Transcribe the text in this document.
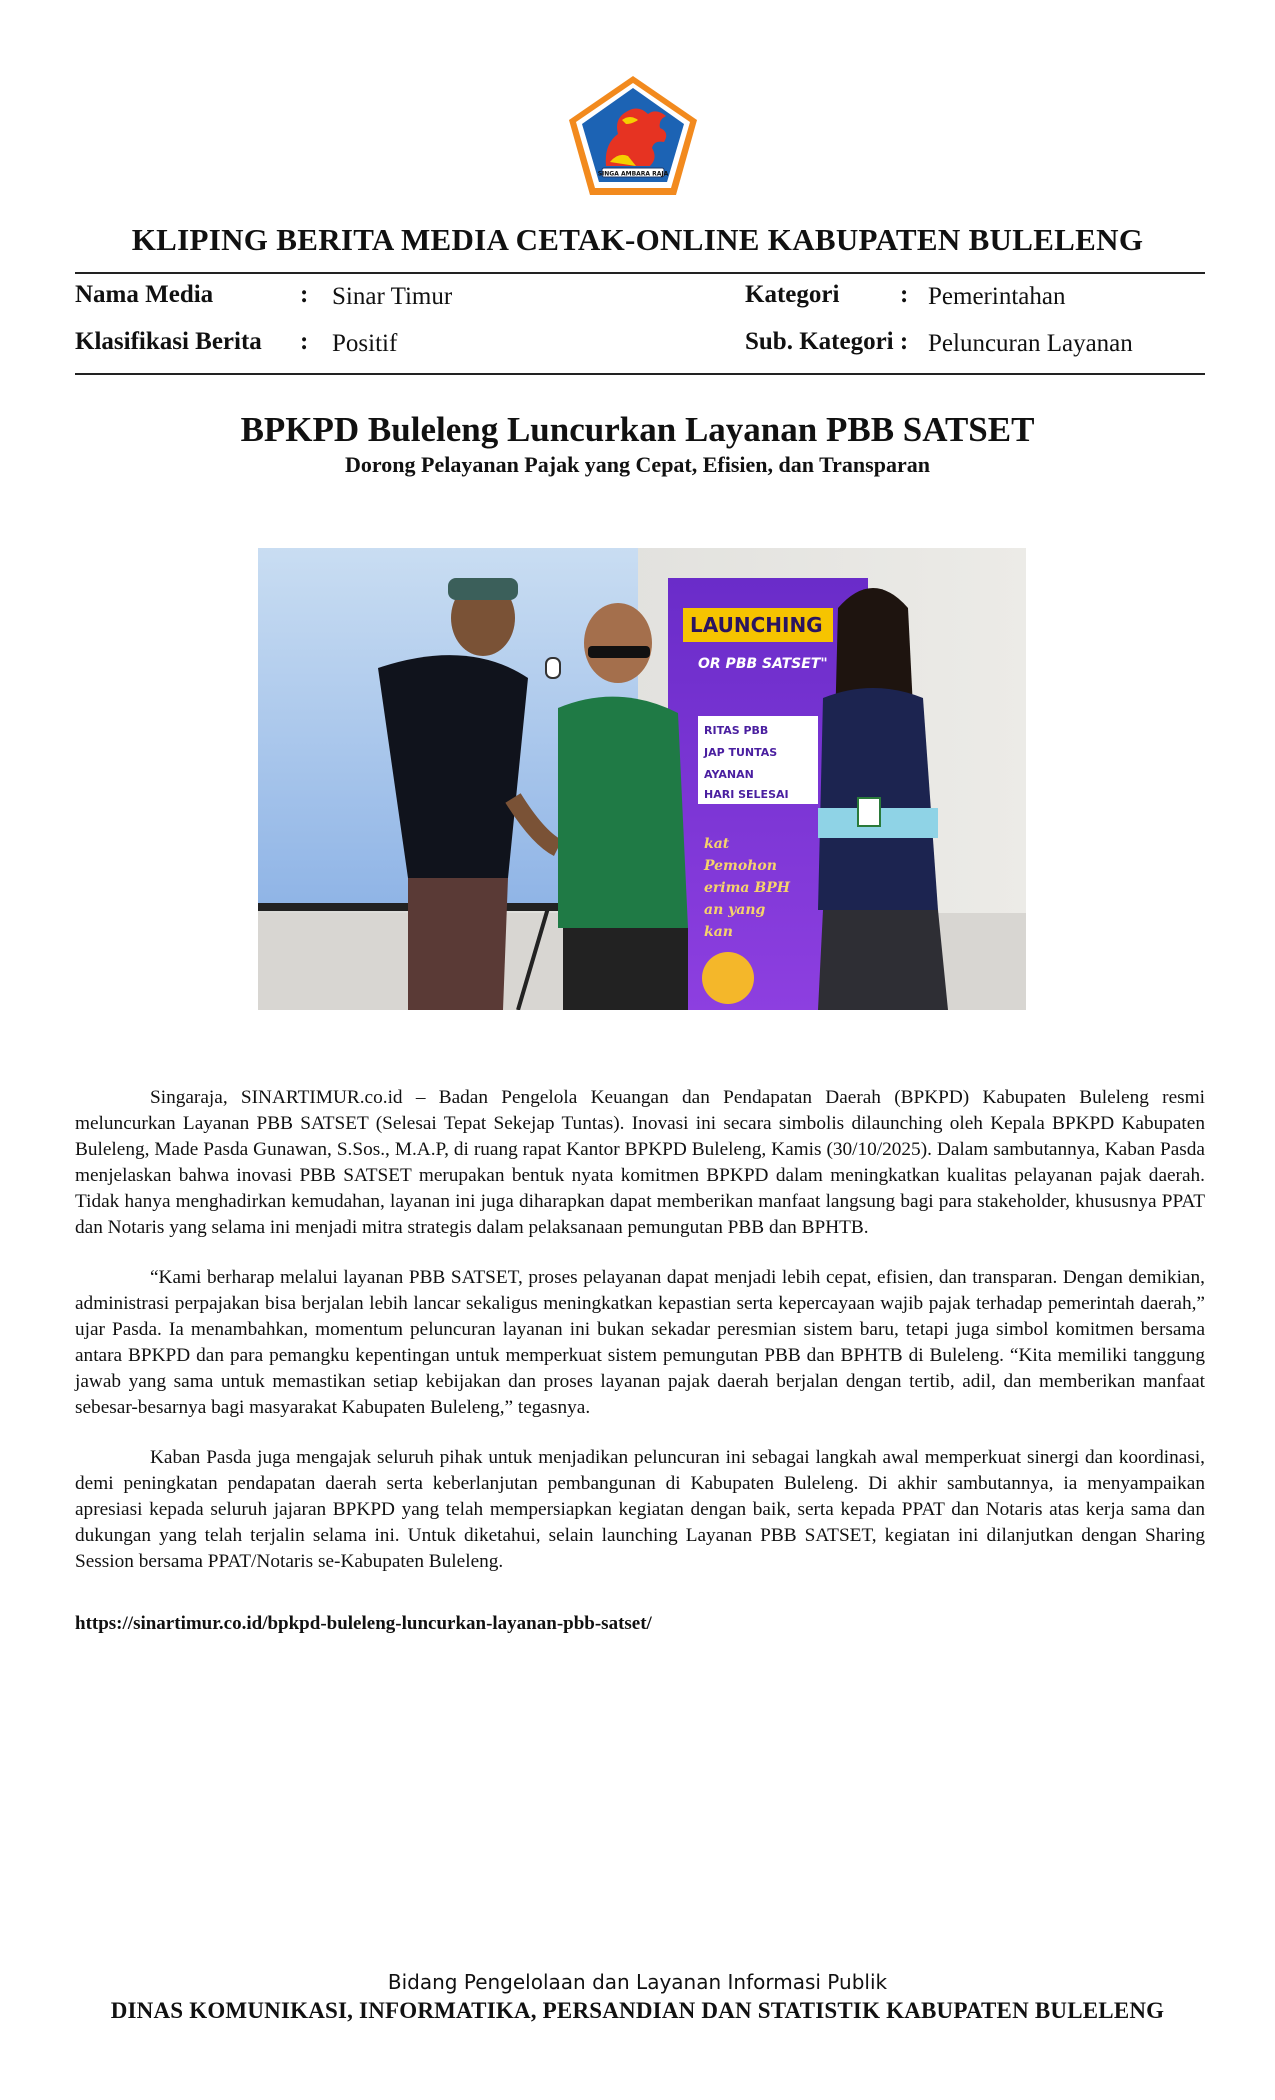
SINGA AMBARA RAJA
KLIPING BERITA MEDIA CETAK-ONLINE KABUPATEN BULELENG
Nama Media	: Sinar Timur	Kategori : Pemerintahan
Klasifikasi Berita : Positif	Sub. Kategori : Peluncuran Layanan
BPKPD Buleleng Luncurkan Layanan PBB SATSET
Dorong Pelayanan Pajak yang Cepat, Efisien, dan Transparan
LAUNCHING
OR PBB SATSET"
RITAS PBB
JAP TUNTAS
AYANAN
HARI SELESAI
kat
Pemohon
erima BPH
an yang
kan

Singaraja, SINARTIMUR.co.id – Badan Pengelola Keuangan dan Pendapatan Daerah (BPKPD) Kabupaten Buleleng resmi meluncurkan Layanan PBB SATSET (Selesai Tepat Sekejap Tuntas). Inovasi ini secara simbolis dilaunching oleh Kepala BPKPD Kabupaten Buleleng, Made Pasda Gunawan, S.Sos., M.A.P, di ruang rapat Kantor BPKPD Buleleng, Kamis (30/10/2025). Dalam sambutannya, Kaban Pasda menjelaskan bahwa inovasi PBB SATSET merupakan bentuk nyata komitmen BPKPD dalam meningkatkan kualitas pelayanan pajak daerah. Tidak hanya menghadirkan kemudahan, layanan ini juga diharapkan dapat memberikan manfaat langsung bagi para stakeholder, khususnya PPAT dan Notaris yang selama ini menjadi mitra strategis dalam pelaksanaan pemungutan PBB dan BPHTB.

“Kami berharap melalui layanan PBB SATSET, proses pelayanan dapat menjadi lebih cepat, efisien, dan transparan. Dengan demikian, administrasi perpajakan bisa berjalan lebih lancar sekaligus meningkatkan kepastian serta kepercayaan wajib pajak terhadap pemerintah daerah,” ujar Pasda. Ia menambahkan, momentum peluncuran layanan ini bukan sekadar peresmian sistem baru, tetapi juga simbol komitmen bersama antara BPKPD dan para pemangku kepentingan untuk memperkuat sistem pemungutan PBB dan BPHTB di Buleleng. “Kita memiliki tanggung jawab yang sama untuk memastikan setiap kebijakan dan proses layanan pajak daerah berjalan dengan tertib, adil, dan memberikan manfaat sebesar-besarnya bagi masyarakat Kabupaten Buleleng,” tegasnya.

Kaban Pasda juga mengajak seluruh pihak untuk menjadikan peluncuran ini sebagai langkah awal memperkuat sinergi dan koordinasi, demi peningkatan pendapatan daerah serta keberlanjutan pembangunan di Kabupaten Buleleng. Di akhir sambutannya, ia menyampaikan apresiasi kepada seluruh jajaran BPKPD yang telah mempersiapkan kegiatan dengan baik, serta kepada PPAT dan Notaris atas kerja sama dan dukungan yang telah terjalin selama ini. Untuk diketahui, selain launching Layanan PBB SATSET, kegiatan ini dilanjutkan dengan Sharing Session bersama PPAT/Notaris se-Kabupaten Buleleng.

https://sinartimur.co.id/bpkpd-buleleng-luncurkan-layanan-pbb-satset/
Bidang Pengelolaan dan Layanan Informasi Publik
DINAS KOMUNIKASI, INFORMATIKA, PERSANDIAN DAN STATISTIK KABUPATEN BULELENG
